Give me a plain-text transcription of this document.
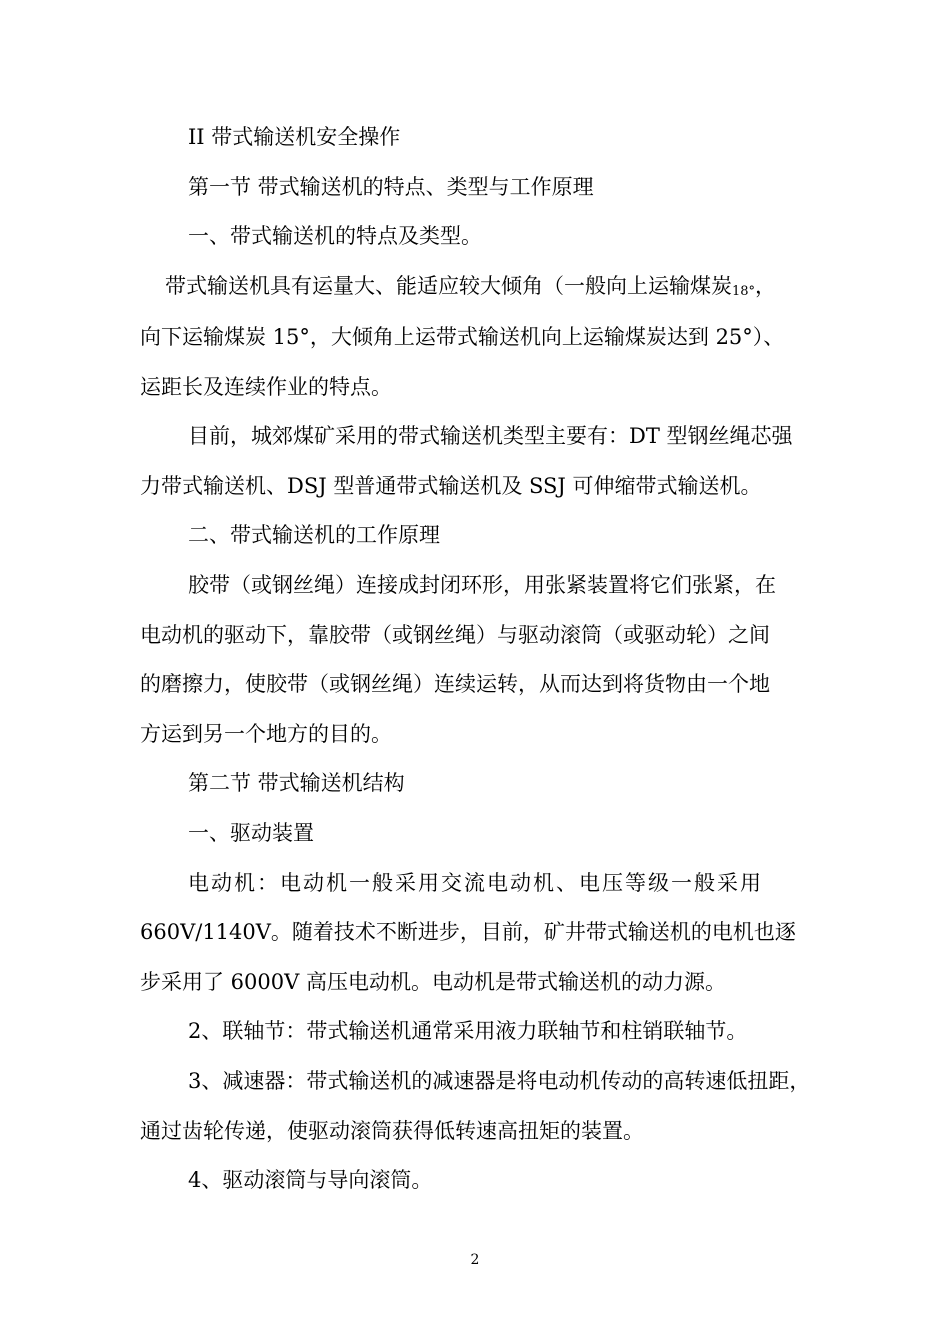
II 带式输送机安全操作
第一节 带式输送机的特点、类型与工作原理
一、带式输送机的特点及类型。
带式输送机具有运量大、能适应较大倾角（一般向上运输煤炭18°，
向下运输煤炭 15°，大倾角上运带式输送机向上运输煤炭达到 25°）、
运距长及连续作业的特点。
目前，城郊煤矿采用的带式输送机类型主要有：DT 型钢丝绳芯强
力带式输送机、DSJ 型普通带式输送机及 SSJ 可伸缩带式输送机。
二、带式输送机的工作原理
胶带（或钢丝绳）连接成封闭环形，用张紧装置将它们张紧，在
电动机的驱动下，靠胶带（或钢丝绳）与驱动滚筒（或驱动轮）之间
的磨擦力，使胶带（或钢丝绳）连续运转，从而达到将货物由一个地
方运到另一个地方的目的。
第二节 带式输送机结构
一、驱动装置
电动机：电动机一般采用交流电动机、电压等级一般采用
660V/1140V。随着技术不断进步，目前，矿井带式输送机的电机也逐
步采用了 6000V 高压电动机。电动机是带式输送机的动力源。
2、联轴节：带式输送机通常采用液力联轴节和柱销联轴节。
3、减速器：带式输送机的减速器是将电动机传动的高转速低扭距，
通过齿轮传递，使驱动滚筒获得低转速高扭矩的装置。
4、驱动滚筒与导向滚筒。
2
